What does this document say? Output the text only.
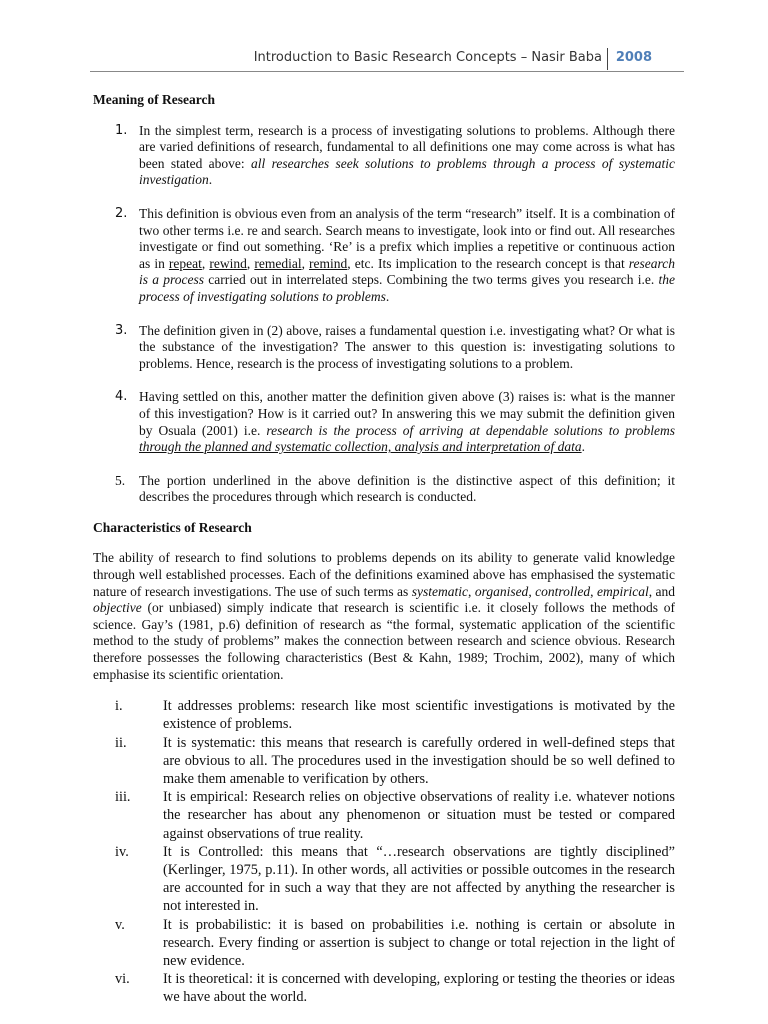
Introduction to Basic Research Concepts – Nasir Baba 2008
Meaning of Research
1. In the simplest term, research is a process of investigating solutions to problems. Although there are varied definitions of research, fundamental to all definitions one may come across is what has been stated above: all researches seek solutions to problems through a process of systematic investigation.
2. This definition is obvious even from an analysis of the term “research” itself. It is a combination of two other terms i.e. re and search. Search means to investigate, look into or find out. All researches investigate or find out something. ‘Re’ is a prefix which implies a repetitive or continuous action as in repeat, rewind, remedial, remind, etc. Its implication to the research concept is that research is a process carried out in interrelated steps. Combining the two terms gives you research i.e. the process of investigating solutions to problems.
3. The definition given in (2) above, raises a fundamental question i.e. investigating what? Or what is the substance of the investigation? The answer to this question is: investigating solutions to problems. Hence, research is the process of investigating solutions to a problem.
4. Having settled on this, another matter the definition given above (3) raises is: what is the manner of this investigation? How is it carried out? In answering this we may submit the definition given by Osuala (2001) i.e. research is the process of arriving at dependable solutions to problems through the planned and systematic collection, analysis and interpretation of data.
5. The portion underlined in the above definition is the distinctive aspect of this definition; it describes the procedures through which research is conducted.
Characteristics of Research

The ability of research to find solutions to problems depends on its ability to generate valid knowledge through well established processes. Each of the definitions examined above has emphasised the systematic nature of research investigations. The use of such terms as systematic, organised, controlled, empirical, and objective (or unbiased) simply indicate that research is scientific i.e. it closely follows the methods of science. Gay’s (1981, p.6) definition of research as “the formal, systematic application of the scientific method to the study of problems” makes the connection between research and science obvious. Research therefore possesses the following characteristics (Best & Kahn, 1989; Trochim, 2002), many of which emphasise its scientific orientation.

i.	It addresses problems: research like most scientific investigations is motivated by the existence of problems.
ii.	It is systematic: this means that research is carefully ordered in well-defined steps that are obvious to all. The procedures used in the investigation should be so well defined to make them amenable to verification by others.
iii. It is empirical: Research relies on objective observations of reality i.e. whatever notions the researcher has about any phenomenon or situation must be tested or compared against observations of true reality.
iv. It is Controlled: this means that “…research observations are tightly disciplined” (Kerlinger, 1975, p.11). In other words, all activities or possible outcomes in the research are accounted for in such a way that they are not affected by anything the researcher is not interested in.
v.	It is probabilistic: it is based on probabilities i.e. nothing is certain or absolute in research. Every finding or assertion is subject to change or total rejection in the light of new evidence.
vi. It is theoretical: it is concerned with developing, exploring or testing the theories or ideas we have about the world.
